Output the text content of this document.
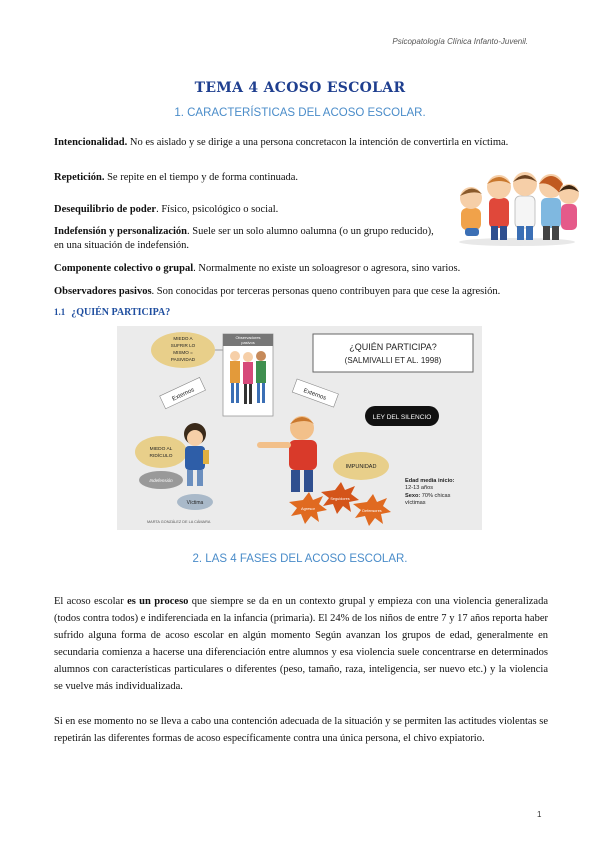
Psicopatología Clínica Infanto-Juvenil.
TEMA 4 ACOSO ESCOLAR
1. CARACTERÍSTICAS DEL ACOSO ESCOLAR.

Intencionalidad. No es aislado y se dirige a una persona concretacon la intención de convertirla en víctima.

Repetición. Se repite en el tiempo y de forma continuada.

Desequilibrio de poder. Físico, psicológico o social.

Indefensión y personalización. Suele ser un solo alumno oalumna (o un grupo reducido), en una situación de indefensión.

Componente colectivo o grupal. Normalmente no existe un soloagresor o agresora, sino varios.

Observadores pasivos. Son conocidas por terceras personas queno contribuyen para que cese la agresión.

1.1 ¿QUIÉN PARTICIPA?
¿QUIÉN PARTICIPA?
(SALMIVALLI ET AL. 1998)
MIEDO A
SUFRIR LO
MISMO =
PASIVIDAD
Observadores
pasivos
Externos	Externos
LEY DEL SILENCIO
MIEDO AL
RIDÍCULO
Indefensión
Víctima
IMPUNIDAD
Agresor
Seguidores
Defensores
Edad media inicio:
12-13 años
Sexo: 70% chicas
víctimas
MARTA GONZÁLEZ DE LA CÁMARA
2. LAS 4 FASES DEL ACOSO ESCOLAR.

El acoso escolar es un proceso que siempre se da en un contexto grupal y empieza con una violencia generalizada (todos contra todos) e indiferenciada en la infancia (primaria). El 24% de los niños de entre 7 y 17 años reporta haber sufrido alguna forma de acoso escolar en algún momento Según avanzan los grupos de edad, generalmente en secundaria comienza a hacerse una diferenciación entre alumnos y esa violencia suele concentrarse en determinados alumnos con características particulares o diferentes (peso, tamaño, raza, inteligencia, ser nuevo etc.) y la violencia se vuelve más individualizada.

Si en ese momento no se lleva a cabo una contención adecuada de la situación y se permiten las actitudes violentas se repetirán las diferentes formas de acoso específicamente contra una única persona, el chivo expiatorio.

1
